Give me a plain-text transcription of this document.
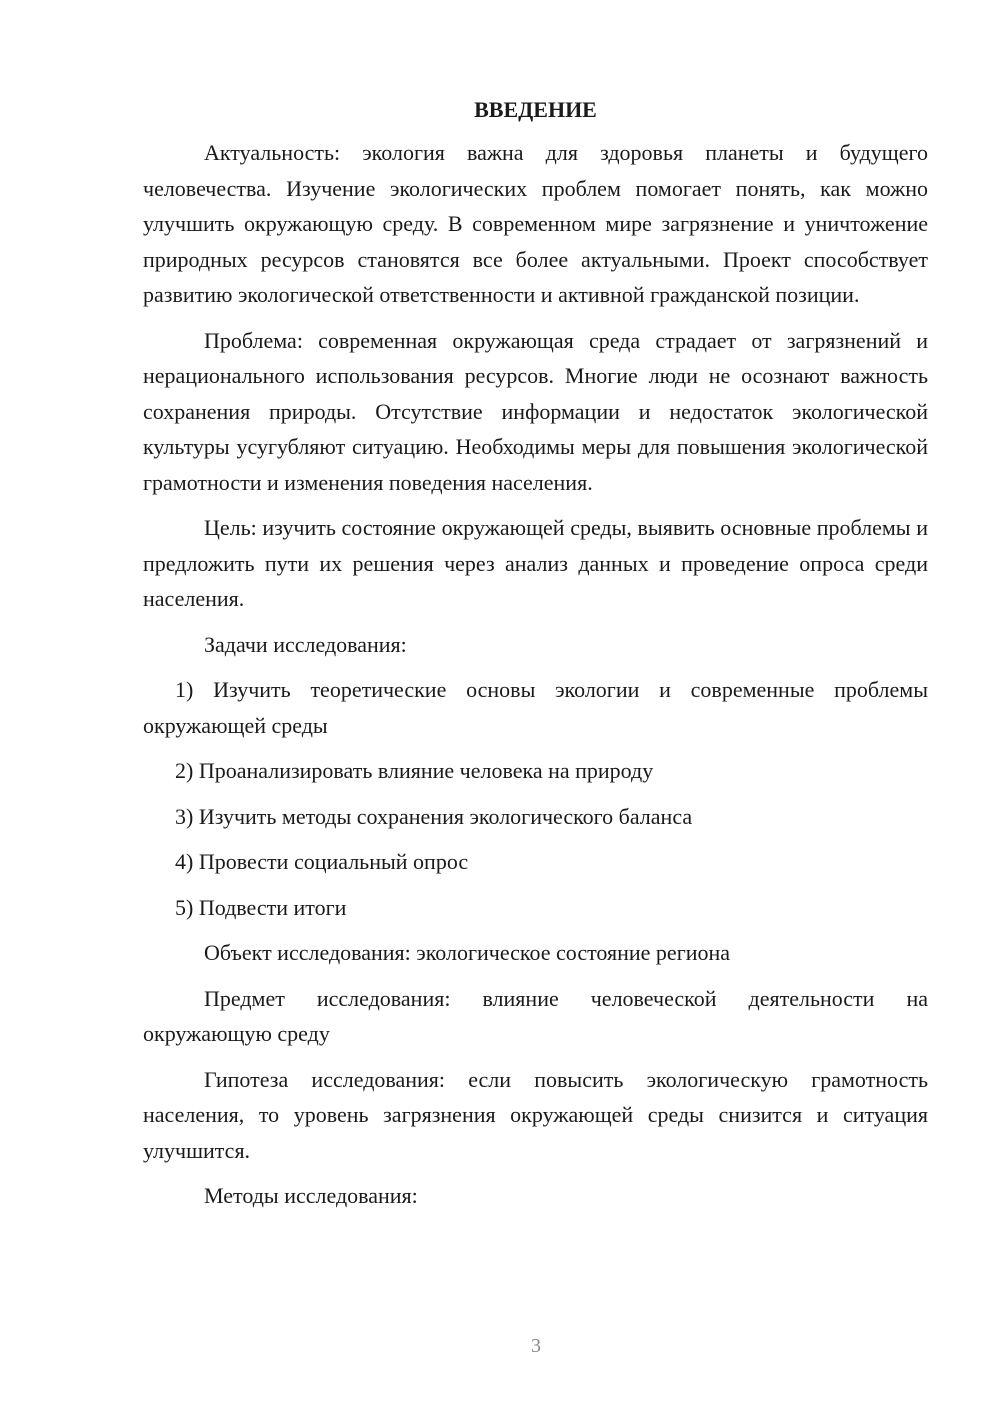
ВВЕДЕНИЕ

Актуальность: экология важна для здоровья планеты и будущего человечества. Изучение экологических проблем помогает понять, как можно улучшить окружающую среду. В современном мире загрязнение и уничтожение природных ресурсов становятся все более актуальными. Проект способствует развитию экологической ответственности и активной гражданской позиции.

Проблема: современная окружающая среда страдает от загрязнений и нерационального использования ресурсов. Многие люди не осознают важность сохранения природы. Отсутствие информации и недостаток экологической культуры усугубляют ситуацию. Необходимы меры для повышения экологической грамотности и изменения поведения населения.

Цель: изучить состояние окружающей среды, выявить основные проблемы и предложить пути их решения через анализ данных и проведение опроса среди населения.

Задачи исследования:

1) Изучить теоретические основы экологии и современные проблемы окружающей среды

2) Проанализировать влияние человека на природу

3) Изучить методы сохранения экологического баланса

4) Провести социальный опрос

5) Подвести итоги

Объект исследования: экологическое состояние региона

Предмет исследования: влияние человеческой деятельности на окружающую среду

Гипотеза исследования: если повысить экологическую грамотность населения, то уровень загрязнения окружающей среды снизится и ситуация улучшится.

Методы исследования:

3
